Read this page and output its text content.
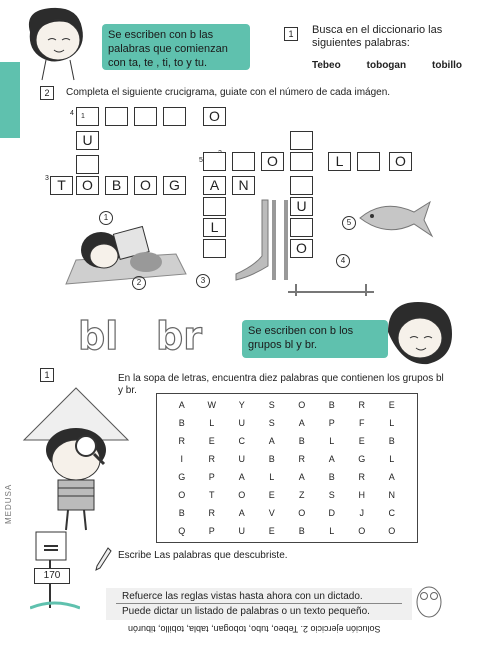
Se escriben con b las palabras que comienzan con ta, te , ti, to y tu.
1	Busca en el diccionario las siguientes palabras:
Tebeo	tobogan	tobillo
2	Completa el siguiente crucigrama, guiate con el número de cada imágen.
O
4
U
5	O	L	O
3 T	O	B	O	G	A	N
L
U
O
1
1
2	3
4
5
bl br	Se escriben con b los grupos bl y br.
1	En la sopa de letras, encuentra diez palabras que contienen los grupos bl y br.
A	W	Y	S	O	B	R	E
B	L	U	S	A	P	F	L
R	E	C	A	B	L	E	B
I	R	U	B	R	A	G	L
G	P	A	L	A	B	R	A
O	T	O	E	Z	S	H	N
B	R	A	V	O	D	J	C
Q	P	U	E	B	L	O	O
Escribe Las palabras que descubriste.
MEDUSA
170
Refuerce las reglas vistas hasta ahora con un dictado.
Puede dictar un listado de palabras o un texto pequeño.
Solución ejercicio 2. Tebeo, tubo, tobogan, tabla, tobillo, tiburón
